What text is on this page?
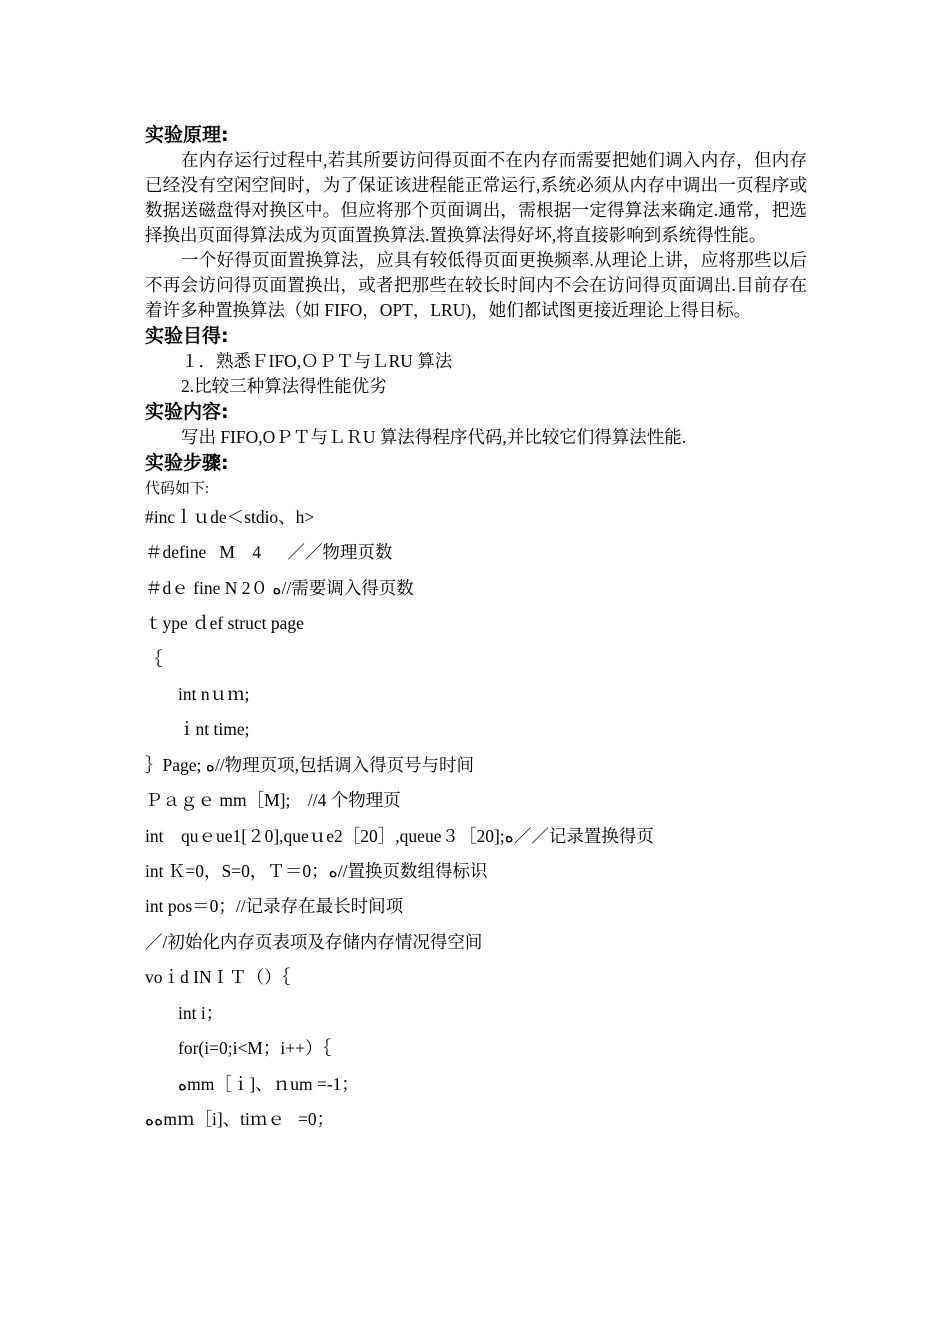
实验原理:

在内存运行过程中,若其所要访问得页面不在内存而需要把她们调入内存，但内存已经没有空闲空间时，为了保证该进程能正常运行,系统必须从内存中调出一页程序或数据送磁盘得对换区中。但应将那个页面调出，需根据一定得算法来确定.通常，把选择换出页面得算法成为页面置换算法.置换算法得好坏,将直接影响到系统得性能。

一个好得页面置换算法，应具有较低得页面更换频率.从理论上讲，应将那些以后不再会访问得页面置换出，或者把那些在较长时间内不会在访问得页面调出.目前存在着许多种置换算法（如 FIFO，OPT，LRU)，她们都试图更接近理论上得目标。

实验目得:

１．熟悉ＦIFO,ＯＰＴ与ＬRU 算法

2.比较三种算法得性能优劣

实验内容:

写出 FIFO,OＰＴ与ＬＲU 算法得程序代码,并比较它们得算法性能.

实验步骤:

代码如下:

#incｌｕde＜stdio、h>
＃define   M    4      ／／物理页数
＃dｅ fine N 2０ ﻩ//需要调入得页数
ｔype ｄef struct page
｛
int nｕｍ;
ｉnt time;
｝Page; ﻩ//物理页项,包括调入得页号与时间
Ｐａｇｅ mm［M];    //4 个物理页
int    quｅue1[２0],queｕe2［20］,queue３［20];ﻩ／／记录置换得页
int Ｋ=0，S=0，Ｔ＝0；ﻩ//置换页数组得标识
int pos＝0；//记录存在最长时间项
／/初始化内存页表项及存储内存情况得空间
voｉd INＩＴ（）｛
int i；
for(i=0;i<M；i++）｛
ﻩmm［ｉ]、ｎum =-1；
ﻩﻩmｍ［i]、tiｍｅ   =0；
